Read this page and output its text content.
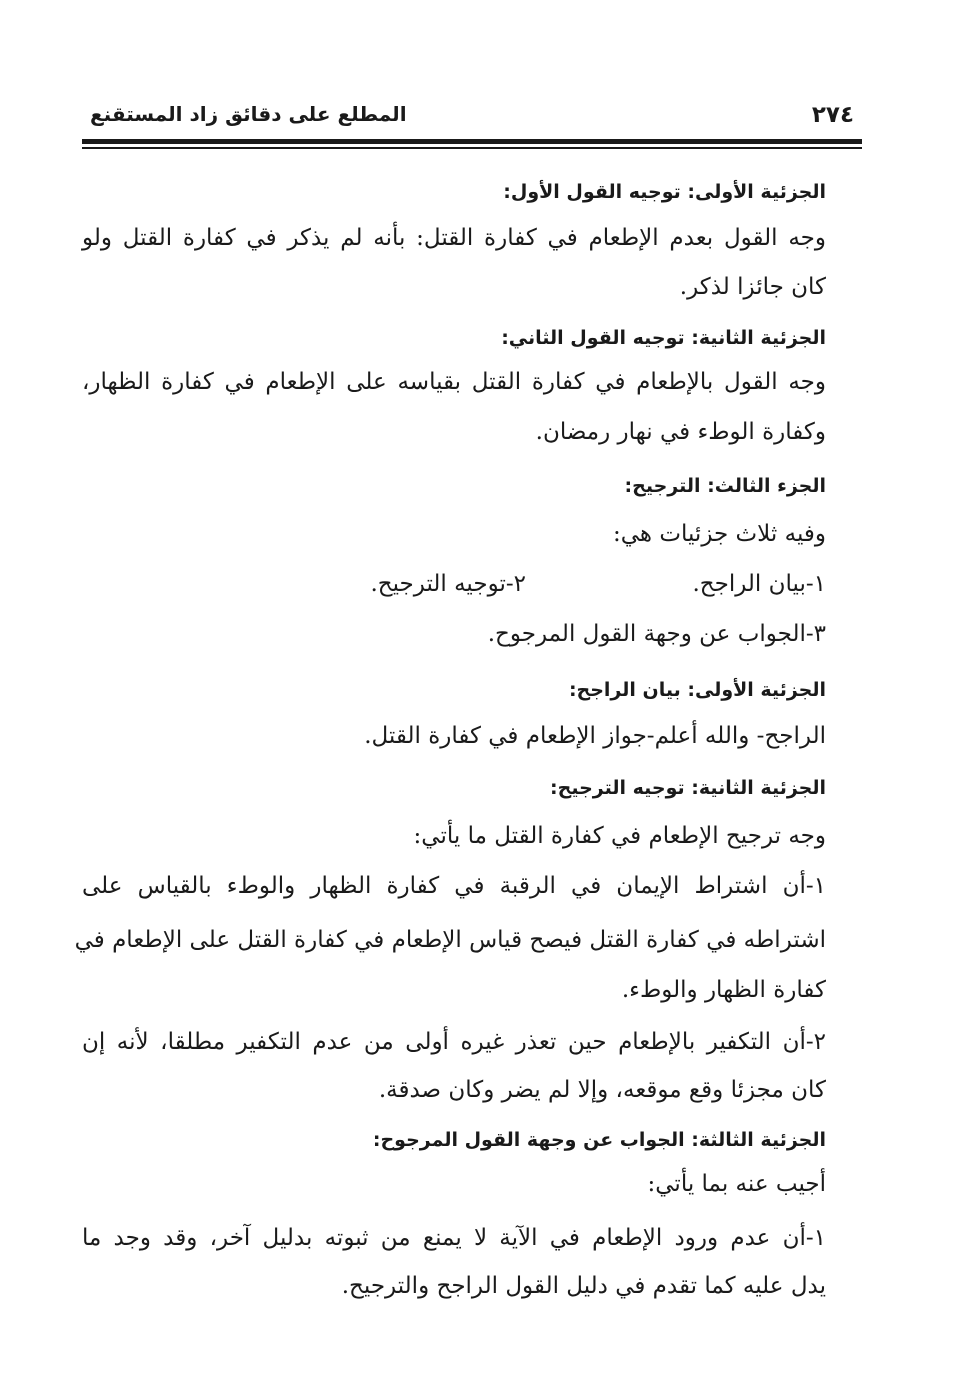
٢٧٤
المطلع على دقائق زاد المستقنع
الجزئية الأولى: توجيه القول الأول:
وجه القول بعدم الإطعام في كفارة القتل: بأنه لم يذكر في كفارة القتل ولو
كان جائزا لذكر.
الجزئية الثانية: توجيه القول الثاني:
وجه القول بالإطعام في كفارة القتل بقياسه على الإطعام في كفارة الظهار،
وكفارة الوطء في نهار رمضان.
الجزء الثالث: الترجيح:
وفيه ثلاث جزئيات هي:
١-بيان الراجح.
٢-توجيه الترجيح.
٣-الجواب عن وجهة القول المرجوح.
الجزئية الأولى: بيان الراجح:
الراجح- والله أعلم-جواز الإطعام في كفارة القتل.
الجزئية الثانية: توجيه الترجيح:
وجه ترجيح الإطعام في كفارة القتل ما يأتي:
١-أن اشتراط الإيمان في الرقبة في كفارة الظهار والوطء بالقياس على
اشتراطه في كفارة القتل فيصح قياس الإطعام في كفارة القتل على الإطعام في
كفارة الظهار والوطء.
٢-أن التكفير بالإطعام حين تعذر غيره أولى من عدم التكفير مطلقا، لأنه إن
كان مجزئا وقع موقعه، وإلا لم يضر وكان صدقة.
الجزئية الثالثة: الجواب عن وجهة القول المرجوح:
أجيب عنه بما يأتي:
١-أن عدم ورود الإطعام في الآية لا يمنع من ثبوته بدليل آخر، وقد وجد ما
يدل عليه كما تقدم في دليل القول الراجح والترجيح.
